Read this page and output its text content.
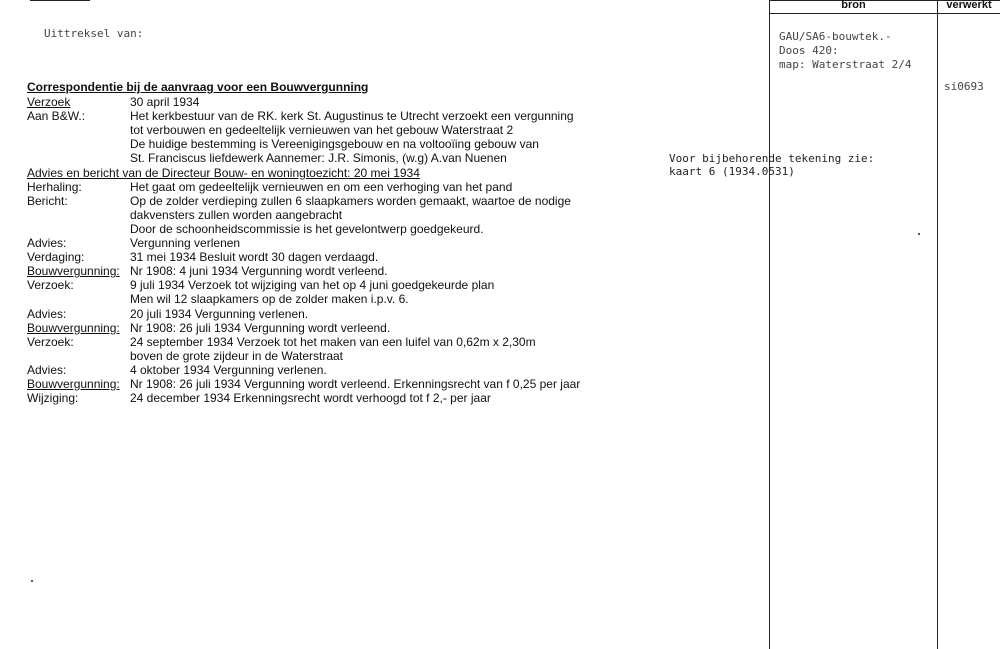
bron	verwerkt
Uittreksel van:	GAU/SA6-bouwtek.-
Doos 420:
map: Waterstraat 2/4
si0693
Voor bijbehorende tekening zie:
kaart 6 (1934.0531)
Correspondentie bij de aanvraag voor een Bouwvergunning
Verzoek	30 april 1934
Aan B&W.:	Het kerkbestuur van de RK. kerk St. Augustinus te Utrecht verzoekt een vergunning
tot verbouwen en gedeeltelijk vernieuwen van het gebouw Waterstraat 2
De huidige bestemming is Vereenigingsgebouw en na voltooïing gebouw van
St. Franciscus liefdewerk Aannemer: J.R. Simonis, (w.g) A.van Nuenen
Advies en bericht van de Directeur Bouw- en woningtoezicht: 20 mei 1934
Herhaling:	Het gaat om gedeeltelijk vernieuwen en om een verhoging van het pand
Bericht:	Op de zolder verdieping zullen 6 slaapkamers worden gemaakt, waartoe de nodige
dakvensters zullen worden aangebracht
Door de schoonheidscommissie is het gevelontwerp goedgekeurd.
Advies:	Vergunning verlenen
Verdaging:	31 mei 1934 Besluit wordt 30 dagen verdaagd.
Bouwvergunning: Nr 1908: 4 juni 1934 Vergunning wordt verleend.
Verzoek:	9 juli 1934 Verzoek tot wijziging van het op 4 juni goedgekeurde plan
Men wil 12 slaapkamers op de zolder maken i.p.v. 6.
Advies:	20 juli 1934 Vergunning verlenen.
Bouwvergunning: Nr 1908: 26 juli 1934 Vergunning wordt verleend.
Verzoek:	24 september 1934 Verzoek tot het maken van een luifel van 0,62m x 2,30m
boven de grote zijdeur in de Waterstraat
Advies:	4 oktober 1934 Vergunning verlenen.
Bouwvergunning: Nr 1908: 26 juli 1934 Vergunning wordt verleend. Erkenningsrecht van f 0,25 per jaar
Wijziging:	24 december 1934 Erkenningsrecht wordt verhoogd tot f 2,- per jaar
